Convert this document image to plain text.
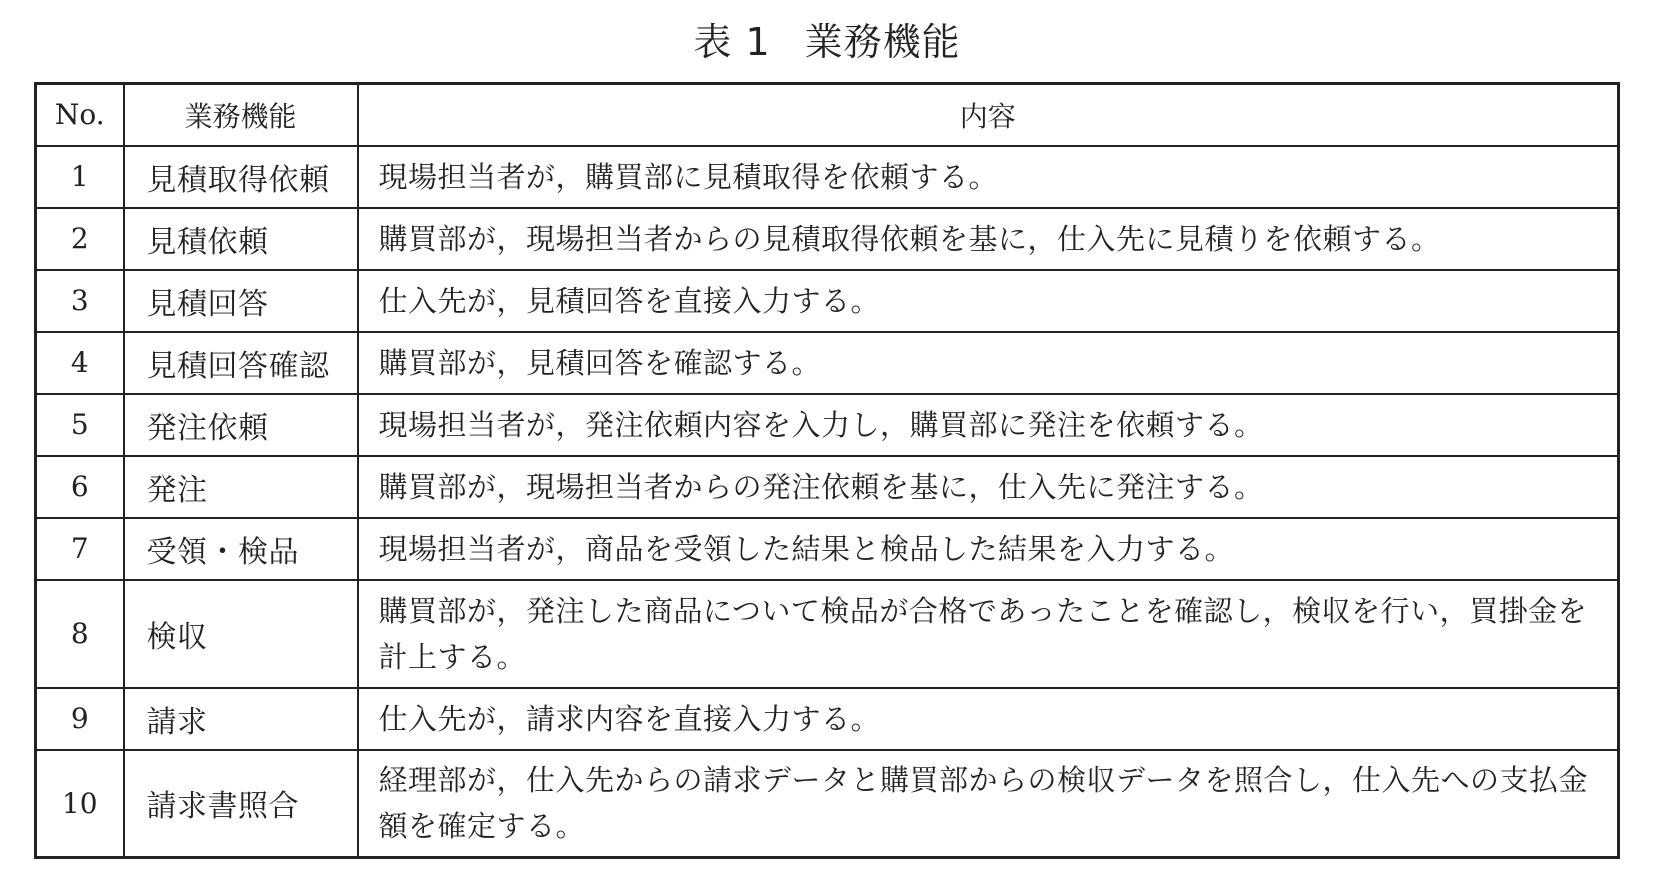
表 1 業務機能
No.	業務機能	内容
1	見積取得依頼	現場担当者が，購買部に見積取得を依頼する。
2	見積依頼	購買部が，現場担当者からの見積取得依頼を基に，仕入先に見積りを依頼する。
3	見積回答	仕入先が，見積回答を直接入力する。
4	見積回答確認	購買部が，見積回答を確認する。
5	発注依頼	現場担当者が，発注依頼内容を入力し，購買部に発注を依頼する。
6	発注	購買部が，現場担当者からの発注依頼を基に，仕入先に発注する。
7	受領・検品	現場担当者が，商品を受領した結果と検品した結果を入力する。
8	検収	購買部が，発注した商品について検品が合格であったことを確認し，検収を行い，買掛金を計上する。
9	請求	仕入先が，請求内容を直接入力する。
10	請求書照合	経理部が，仕入先からの請求データと購買部からの検収データを照合し，仕入先への支払金額を確定する。
